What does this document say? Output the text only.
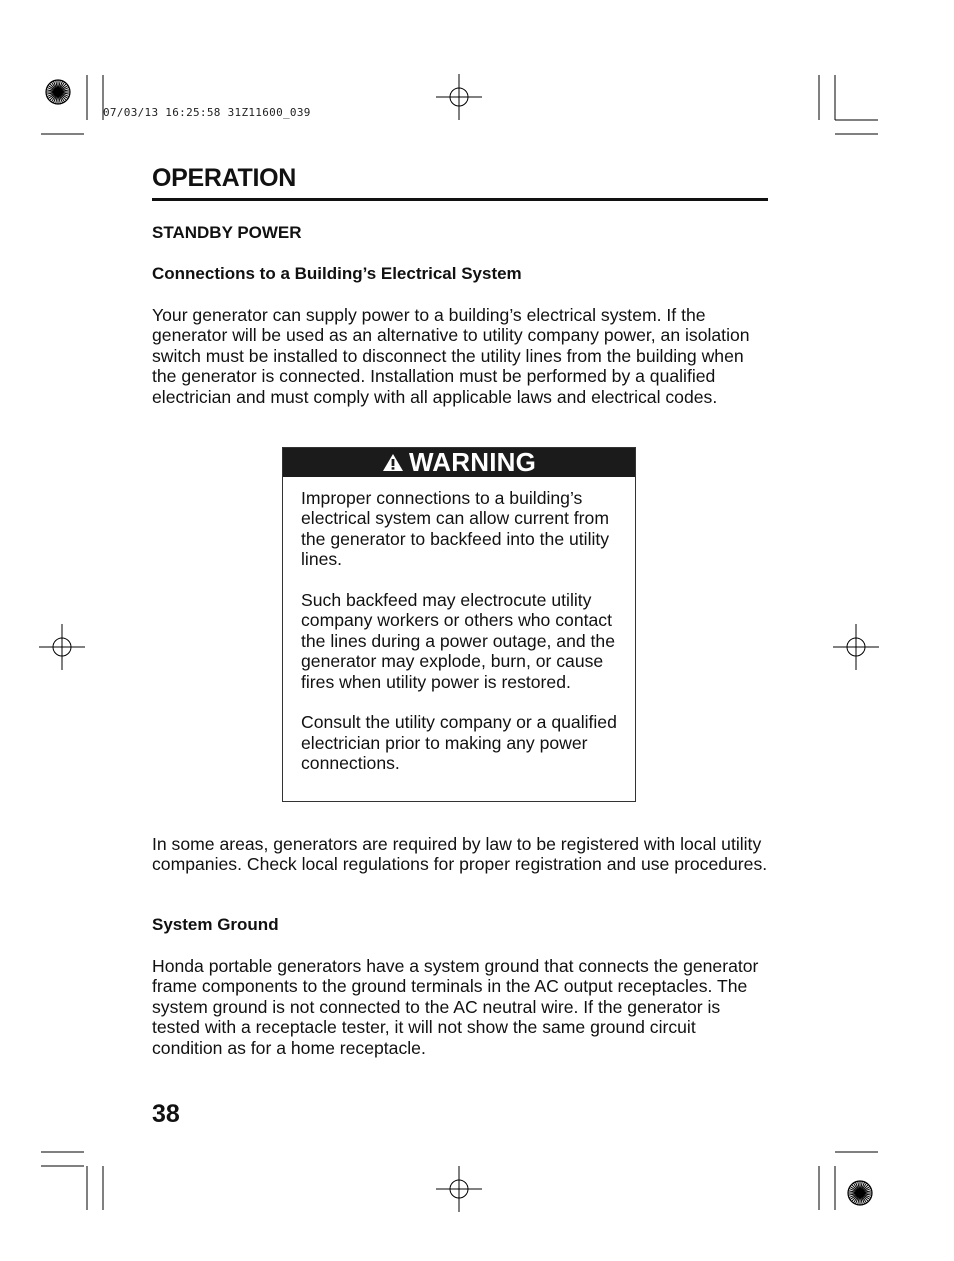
07/03/13 16:25:58 31Z11600_039
OPERATION
STANDBY POWER
Connections to a Building’s Electrical System

Your generator can supply power to a building’s electrical system. If the generator will be used as an alternative to utility company power, an isolation switch must be installed to disconnect the utility lines from the building when the generator is connected. Installation must be performed by a qualified electrician and must comply with all applicable laws and electrical codes.

WARNING

Improper connections to a building’s electrical system can allow current from the generator to backfeed into the utility lines.

Such backfeed may electrocute utility company workers or others who contact the lines during a power outage, and the generator may explode, burn, or cause fires when utility power is restored.

Consult the utility company or a qualified electrician prior to making any power connections.

In some areas, generators are required by law to be registered with local utility companies. Check local regulations for proper registration and use procedures.

System Ground

Honda portable generators have a system ground that connects the generator frame components to the ground terminals in the AC output receptacles. The system ground is not connected to the AC neutral wire. If the generator is tested with a receptacle tester, it will not show the same ground circuit condition as for a home receptacle.

38
